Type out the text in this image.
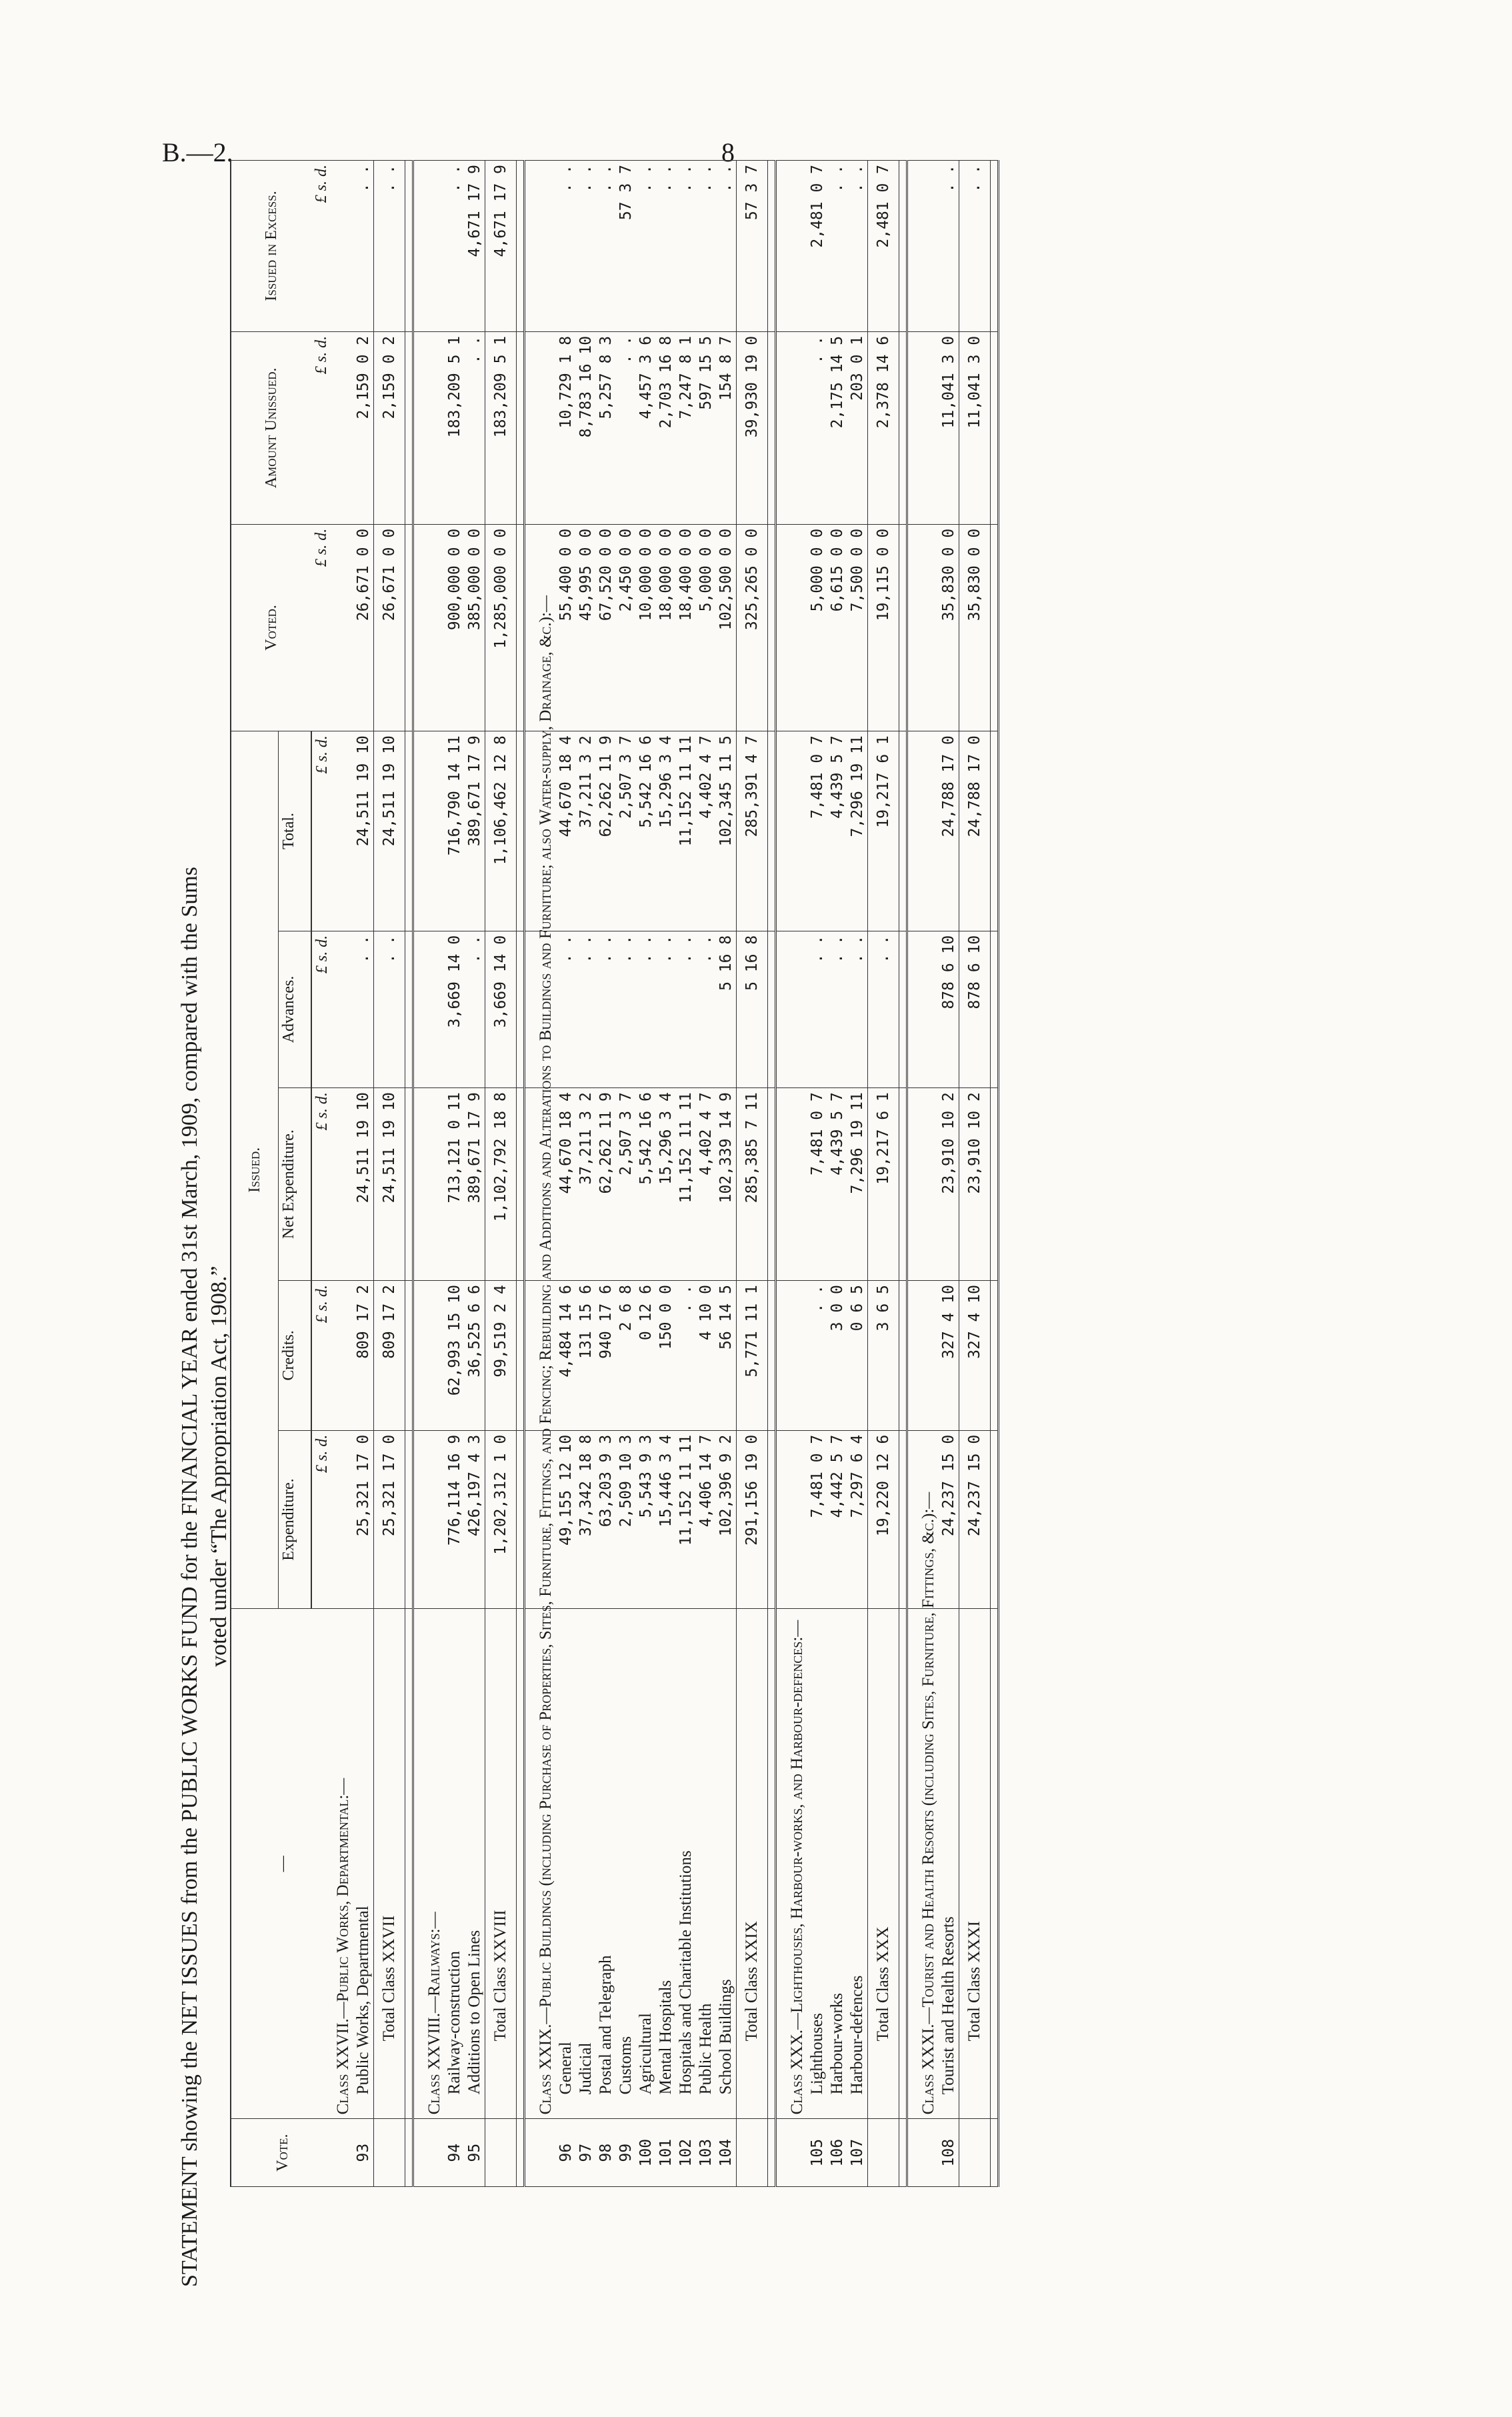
B.—2.	8
STATEMENT showing the NET ISSUES from the PUBLIC WORKS FUND for the FINANCIAL YEAR ended 31st March, 1909, compared with the Sums voted under “The Appropriation Act, 1908.”
Vote.	—	Issued.					Voted.	Amount Unissued.	Issued in Excess.
		Expenditure.	Credits.	Net Expenditure.	Advances.	Total.			
		£ s. d.	£ s. d.	£ s. d.	£ s. d.	£ s. d.	£ s. d.	£ s. d.	£ s. d.
	Class XXVII.—Public Works, Departmental:—								
93	Public Works, Departmental	25,321 17 0	809 17 2	24,511 19 10	. .	24,511 19 10	26,671 0 0	2,159 0 2	. .
	Total Class XXVII	25,321 17 0	809 17 2	24,511 19 10	. .	24,511 19 10	26,671 0 0	2,159 0 2	. .

	Class XXVIII.—Railways:—								
94	Railway-construction	776,114 16 9	62,993 15 10	713,121 0 11	3,669 14 0	716,790 14 11	900,000 0 0	183,209 5 1	. .
95	Additions to Open Lines	426,197 4 3	36,525 6 6	389,671 17 9	. .	389,671 17 9	385,000 0 0	. .	4,671 17 9
	Total Class XXVIII	1,202,312 1 0	99,519 2 4	1,102,792 18 8	3,669 14 0	1,106,462 12 8	1,285,000 0 0	183,209 5 1	4,671 17 9

	Class XXIX.—Public Buildings (including Purchase of Properties, Sites, Furniture, Fittings, and Fencing; Rebuilding and Additions and Alterations to Buildings and Furniture; also Water-supply, Drainage, &c.):—								
96	General	49,155 12 10	4,484 14 6	44,670 18 4	. .	44,670 18 4	55,400 0 0	10,729 1 8	. .
97	Judicial	37,342 18 8	131 15 6	37,211 3 2	. .	37,211 3 2	45,995 0 0	8,783 16 10	. .
98	Postal and Telegraph	63,203 9 3	940 17 6	62,262 11 9	. .	62,262 11 9	67,520 0 0	5,257 8 3	. .
99	Customs	2,509 10 3	2 6 8	2,507 3 7	. .	2,507 3 7	2,450 0 0	. .	57 3 7
100	Agricultural	5,543 9 3	0 12 6	5,542 16 6	. .	5,542 16 6	10,000 0 0	4,457 3 6	. .
101	Mental Hospitals	15,446 3 4	150 0 0	15,296 3 4	. .	15,296 3 4	18,000 0 0	2,703 16 8	. .
102	Hospitals and Charitable Institutions	11,152 11 11	. .	11,152 11 11	. .	11,152 11 11	18,400 0 0	7,247 8 1	. .
103	Public Health	4,406 14 7	4 10 0	4,402 4 7	. .	4,402 4 7	5,000 0 0	597 15 5	. .
104	School Buildings	102,396 9 2	56 14 5	102,339 14 9	5 16 8	102,345 11 5	102,500 0 0	154 8 7	. .
	Total Class XXIX	291,156 19 0	5,771 11 1	285,385 7 11	5 16 8	285,391 4 7	325,265 0 0	39,930 19 0	57 3 7

	Class XXX.—Lighthouses, Harbour-works, and Harbour-defences:—								
105	Lighthouses	7,481 0 7	. .	7,481 0 7	. .	7,481 0 7	5,000 0 0	. .	2,481 0 7
106	Harbour-works	4,442 5 7	3 0 0	4,439 5 7	. .	4,439 5 7	6,615 0 0	2,175 14 5	. .
107	Harbour-defences	7,297 6 4	0 6 5	7,296 19 11	. .	7,296 19 11	7,500 0 0	203 0 1	. .
	Total Class XXX	19,220 12 6	3 6 5	19,217 6 1	. .	19,217 6 1	19,115 0 0	2,378 14 6	2,481 0 7

	Class XXXI.—Tourist and Health Resorts (including Sites, Furniture, Fittings, &c.):—								
108	Tourist and Health Resorts	24,237 15 0	327 4 10	23,910 10 2	878 6 10	24,788 17 0	35,830 0 0	11,041 3 0	. .
	Total Class XXXI	24,237 15 0	327 4 10	23,910 10 2	878 6 10	24,788 17 0	35,830 0 0	11,041 3 0	. .
